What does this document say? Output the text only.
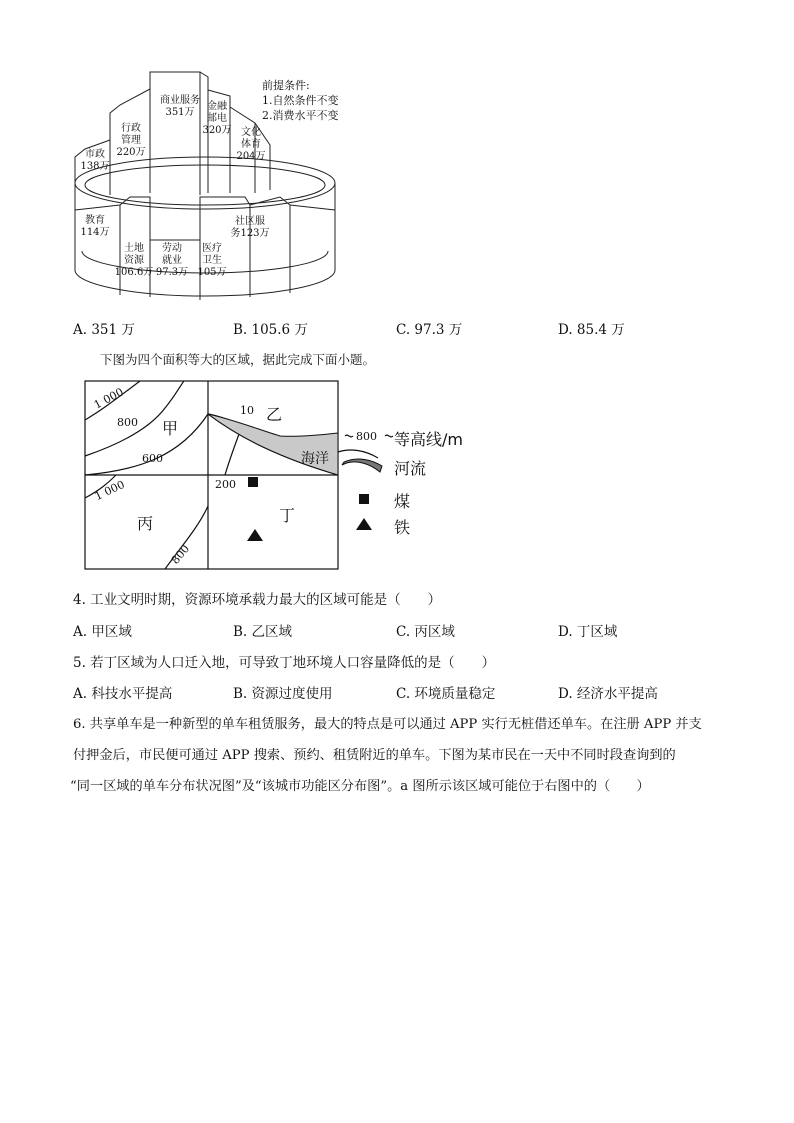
商业服务
351万
金融
邮电
320万 文化
体育
204万
行政
管理
220万
市政
138万
教育
114万
社区服
务123万
土地
资源
106.6万
劳动
就业
97.3万
医疗
卫生
105万
前提条件:
1.自然条件不变
2.消费水平不变
A. 351 万	B. 105.6 万	C. 97.3 万	D. 85.4 万
下图为四个面积等大的区域，据此完成下面小题。
1 000
800
600
1 000
800
10
200
甲
乙
丙	丁
海洋
800 等高线/m
河流
煤
铁
4. 工业文明时期，资源环境承载力最大的区域可能是（　　）
A. 甲区域	B. 乙区域	C. 丙区域	D. 丁区域
5. 若丁区域为人口迁入地，可导致丁地环境人口容量降低的是（　　）
A. 科技水平提高	B. 资源过度使用	C. 环境质量稳定	D. 经济水平提高
6. 共享单车是一种新型的单车租赁服务，最大的特点是可以通过 APP 实行无桩借还单车。在注册 APP 并支
付押金后，市民便可通过 APP 搜索、预约、租赁附近的单车。下图为某市民在一天中不同时段查询到的
“同一区域的单车分布状况图”及“该城市功能区分布图”。a 图所示该区域可能位于右图中的（　　）
